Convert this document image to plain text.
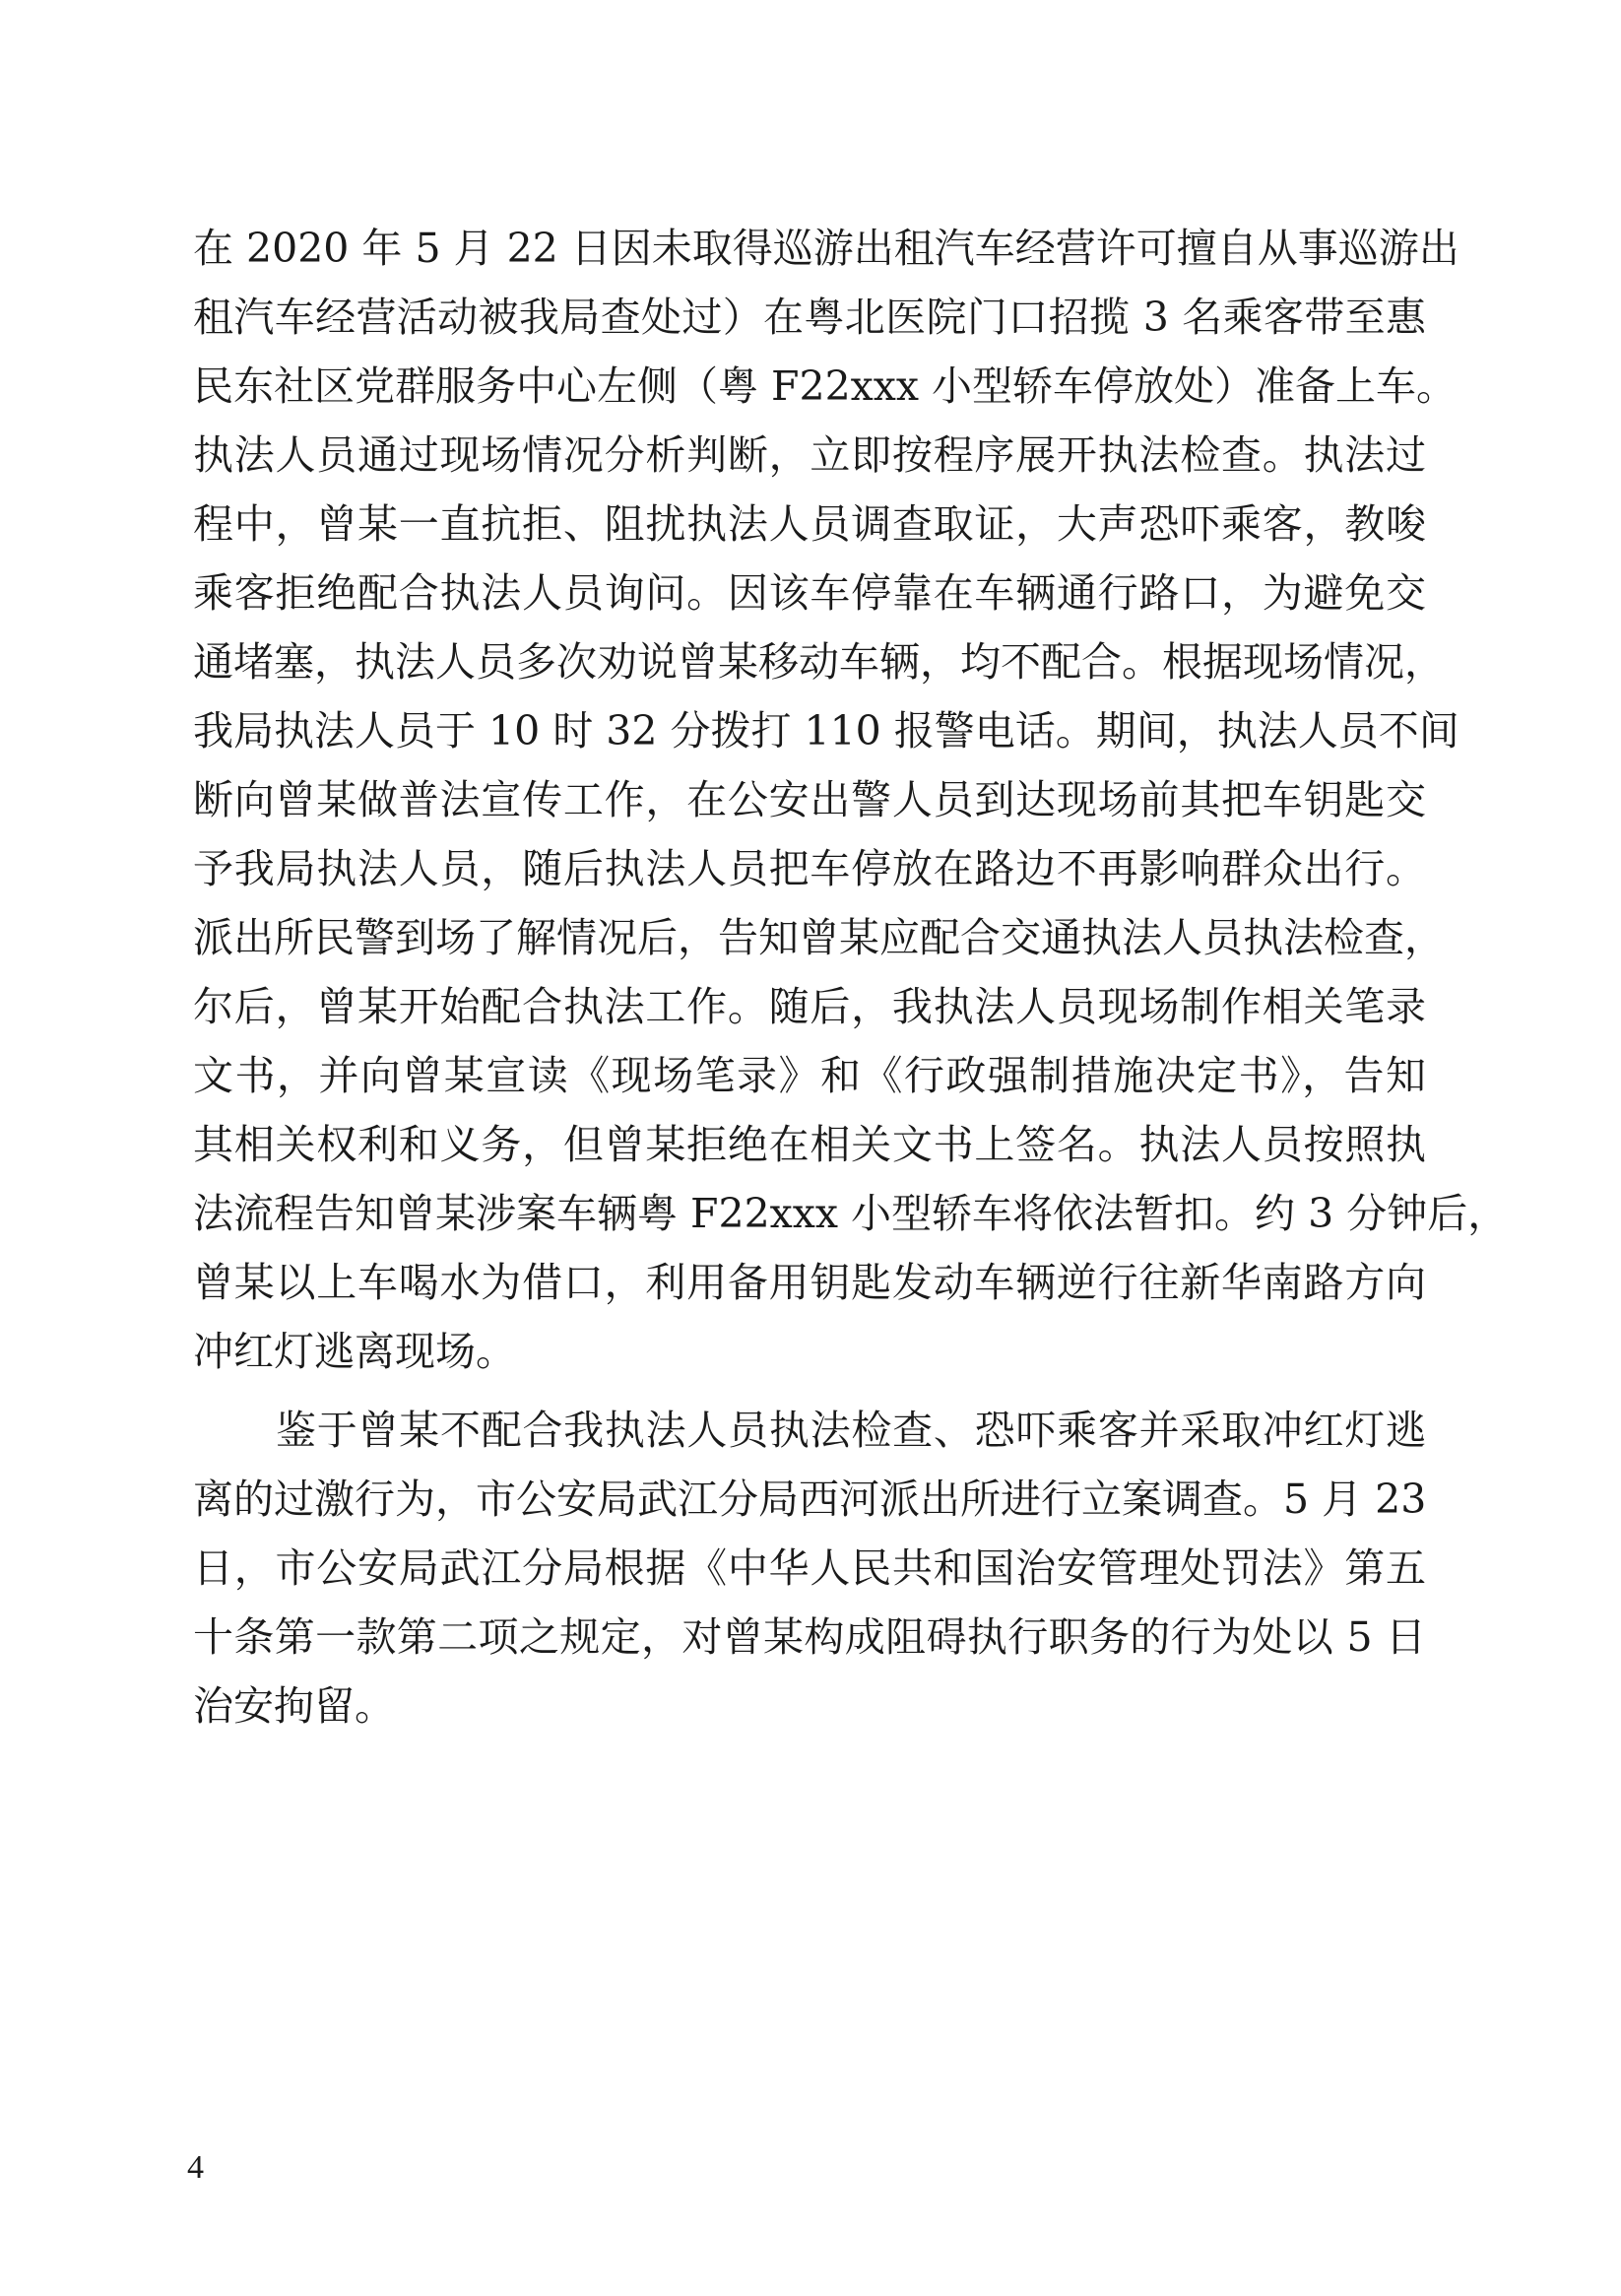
在 2020 年 5 月 22 日因未取得巡游出租汽车经营许可擅自从事巡游出

租汽车经营活动被我局查处过）在粤北医院门口招揽 3 名乘客带至惠

民东社区党群服务中心左侧（粤 F22xxx 小型轿车停放处）准备上车。

执法人员通过现场情况分析判断，立即按程序展开执法检查。执法过

程中，曾某一直抗拒、阻扰执法人员调查取证，大声恐吓乘客，教唆

乘客拒绝配合执法人员询问。因该车停靠在车辆通行路口，为避免交

通堵塞，执法人员多次劝说曾某移动车辆，均不配合。根据现场情况，

我局执法人员于 10 时 32 分拨打 110 报警电话。期间，执法人员不间

断向曾某做普法宣传工作，在公安出警人员到达现场前其把车钥匙交

予我局执法人员，随后执法人员把车停放在路边不再影响群众出行。

派出所民警到场了解情况后，告知曾某应配合交通执法人员执法检查，

尔后，曾某开始配合执法工作。随后，我执法人员现场制作相关笔录

文书，并向曾某宣读《现场笔录》和《行政强制措施决定书》，告知

其相关权利和义务，但曾某拒绝在相关文书上签名。执法人员按照执

法流程告知曾某涉案车辆粤 F22xxx 小型轿车将依法暂扣。约 3 分钟后，

曾某以上车喝水为借口，利用备用钥匙发动车辆逆行往新华南路方向

冲红灯逃离现场。

鉴于曾某不配合我执法人员执法检查、恐吓乘客并采取冲红灯逃

离的过激行为，市公安局武江分局西河派出所进行立案调查。5 月 23

日，市公安局武江分局根据《中华人民共和国治安管理处罚法》第五

十条第一款第二项之规定，对曾某构成阻碍执行职务的行为处以 5 日

治安拘留。

4
